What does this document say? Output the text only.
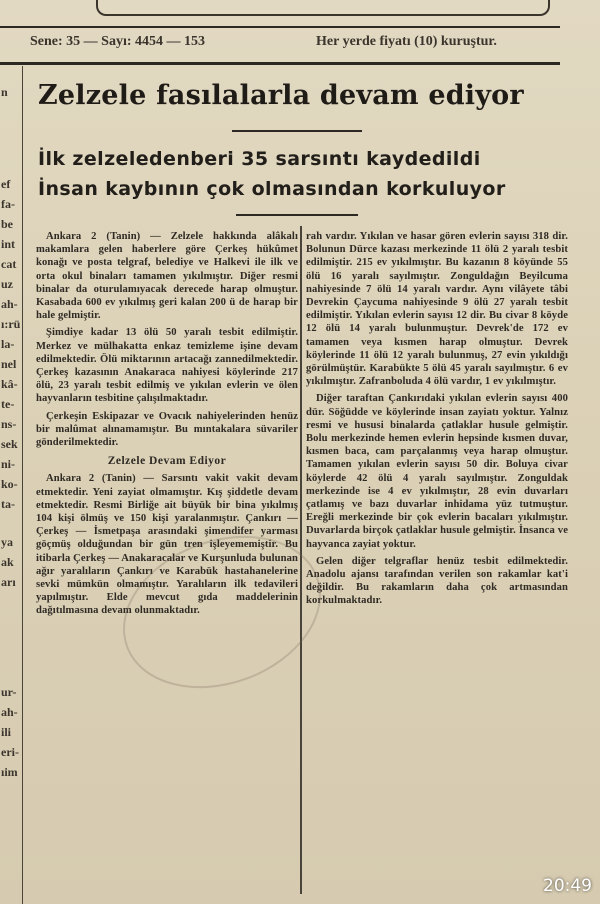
Sene: 35 — Sayı: 4454 — 153	Her yerde fiyatı (10) kuruştur.
n
ef
fa-
be
int
cat
uz
ah-
ı:rü
la-
nel
kâ-
te-
ns-
sek
ni-
ko-
ta-
ya
ak
arı
ur-
ah-
ili
eri-
ıim
Zelzele fasılalarla devam ediyor
İlk zelzeledenberi 35 sarsıntı kaydedildi
İnsan kaybının çok olmasından korkuluyor

Ankara 2 (Tanin) — Zelzele hakkında alâkalı makamlara gelen haberlere göre Çerkeş hükûmet konağı ve posta telgraf, belediye ve Halkevi ile ilk ve orta okul binaları tamamen yıkılmıştır. Diğer resmi binalar da oturulamıyacak derecede harap olmuştur. Kasabada 600 ev yıkılmış geri kalan 200 ü de harap bir hale gelmiştir.

Şimdiye kadar 13 ölü 50 yaralı tesbit edilmiştir. Merkez ve mülhakatta enkaz temizleme işine devam edilmektedir. Ölü miktarının artacağı zannedilmektedir. Çerkeş kazasının Anakaraca nahiyesi köylerinde 217 ölü, 23 yaralı tesbit edilmiş ve yıkılan evlerin ve ölen hayvanların tesbitine çalışılmaktadır.

Çerkeşin Eskipazar ve Ovacık nahiyelerinden henüz bir malûmat alınamamıştır. Bu mıntakalara süvariler gönderilmektedir.

Zelzele Devam Ediyor

Ankara 2 (Tanin) — Sarsıntı vakit vakit devam etmektedir. Yeni zayiat olmamıştır. Kış şiddetle devam etmektedir. Resmi Birliğe ait büyük bir bina yıkılmış 104 kişi ölmüş ve 150 kişi yaralanmıştır. Çankırı — Çerkeş — İsmetpaşa arasındaki şimendifer yarması göçmüş olduğundan bir gün tren işleyememiştir. Bu itibarla Çerkeş — Anakaracalar ve Kurşunluda bulunan ağır yaralıların Çankırı ve Karabük hastahanelerine sevki mümkün olmamıştır. Yaralıların ilk tedavileri yapılmıştır. Elde mevcut gıda maddelerinin dağıtılmasına devam olunmaktadır.

rah vardır. Yıkılan ve hasar gören evlerin sayısı 318 dir. Bolunun Dürce kazası merkezinde 11 ölü 2 yaralı tesbit edilmiştir. 215 ev yıkılmıştır. Bu kazanın 8 köyünde 55 ölü 16 yaralı sayılmıştır. Zonguldağın Beyilcuma nahiyesinde 7 ölü 14 yaralı vardır. Aynı vilâyete tâbi Devrekin Çaycuma nahiyesinde 9 ölü 27 yaralı tesbit edilmiştir. Yıkılan evlerin sayısı 12 dir. Bu civar 8 köyde 12 ölü 14 yaralı bulunmuştur. Devrek'de 172 ev tamamen veya kısmen harap olmuştur. Devrek köylerinde 11 ölü 12 yaralı bulunmuş, 27 evin yıkıldığı görülmüştür. Karabükte 5 ölü 45 yaralı sayılmıştır. 6 ev yıkılmıştır. Zafranboluda 4 ölü vardır, 1 ev yıkılmıştır.

Diğer taraftan Çankırıdaki yıkılan evlerin sayısı 400 dür. Söğüdde ve köylerinde insan zayiatı yoktur. Yalnız resmi ve hususi binalarda çatlaklar husule gelmiştir. Bolu merkezinde hemen evlerin hepsinde kısmen duvar, kısmen baca, cam parçalanmış veya harap olmuştur. Tamamen yıkılan evlerin sayısı 50 dir. Boluya civar köylerde 42 ölü 4 yaralı sayılmıştır. Zonguldak merkezinde ise 4 ev yıkılmıştır, 28 evin duvarları çatlamış ve bazı duvarlar inhidama yüz tutmuştur. Ereğli merkezinde bir çok evlerin bacaları yıkılmıştır. Duvarlarda birçok çatlaklar husule gelmiştir. İnsanca ve hayvanca zayiat yoktur.

Gelen diğer telgraflar henüz tesbit edilmektedir. Anadolu ajansı tarafından verilen son rakamlar kat'i değildir. Bu rakamların daha çok artmasından korkulmaktadır.

20:49
